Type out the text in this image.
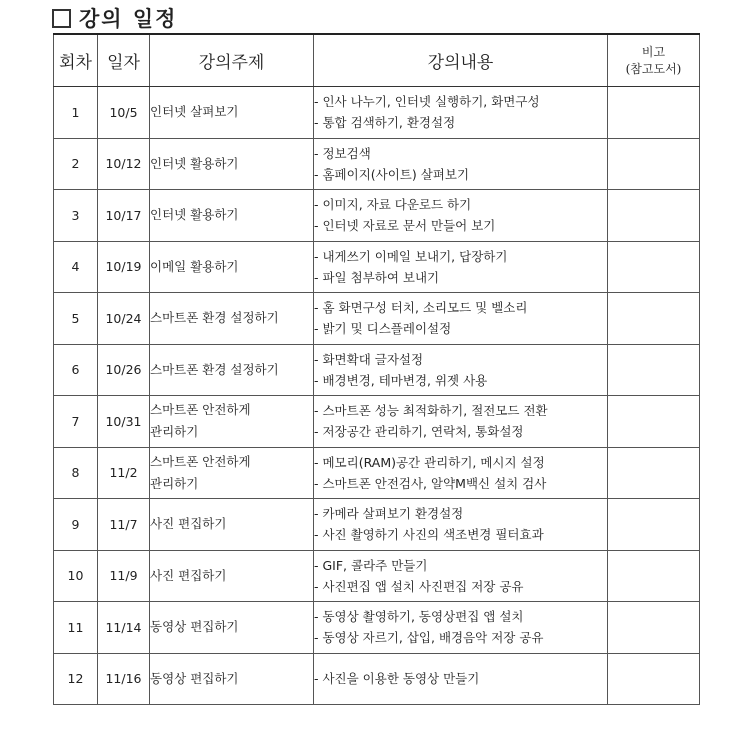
강의 일정
회차	일자	강의주제	강의내용	비고
(참고도서)

1	10/5	인터넷 살펴보기	- 인사 나누기, 인터넷 실행하기, 화면구성
- 통합 검색하기, 환경설정	

2	10/12	인터넷 활용하기	- 정보검색
- 홈페이지(사이트) 살펴보기	

3	10/17	인터넷 활용하기	- 이미지, 자료 다운로드 하기
- 인터넷 자료로 문서 만들어 보기	

4	10/19	이메일 활용하기	- 내게쓰기 이메일 보내기, 답장하기
- 파일 첨부하여 보내기	

5	10/24	스마트폰 환경 설정하기	- 홈 화면구성 터치, 소리모드 및 벨소리
- 밝기 및 디스플레이설정	

6	10/26	스마트폰 환경 설정하기	- 화면확대 글자설정
- 배경변경, 테마변경, 위젯 사용	

7	10/31	스마트폰 안전하게
관리하기	- 스마트폰 성능 최적화하기, 절전모드 전환
- 저장공간 관리하기, 연락처, 통화설정	

8	11/2	스마트폰 안전하게
관리하기	- 메모리(RAM)공간 관리하기, 메시지 설정
- 스마트폰 안전검사, 알약M백신 설치 검사	

9	11/7	사진 편집하기	- 카메라 살펴보기 환경설정
- 사진 촬영하기 사진의 색조변경 필터효과	

10	11/9	사진 편집하기	- GIF, 콜라주 만들기
- 사진편집 앱 설치 사진편집 저장 공유	

11	11/14	동영상 편집하기	- 동영상 촬영하기, 동영상편집 앱 설치
- 동영상 자르기, 삽입, 배경음악 저장 공유	

12	11/16	동영상 편집하기	- 사진을 이용한 동영상 만들기	
